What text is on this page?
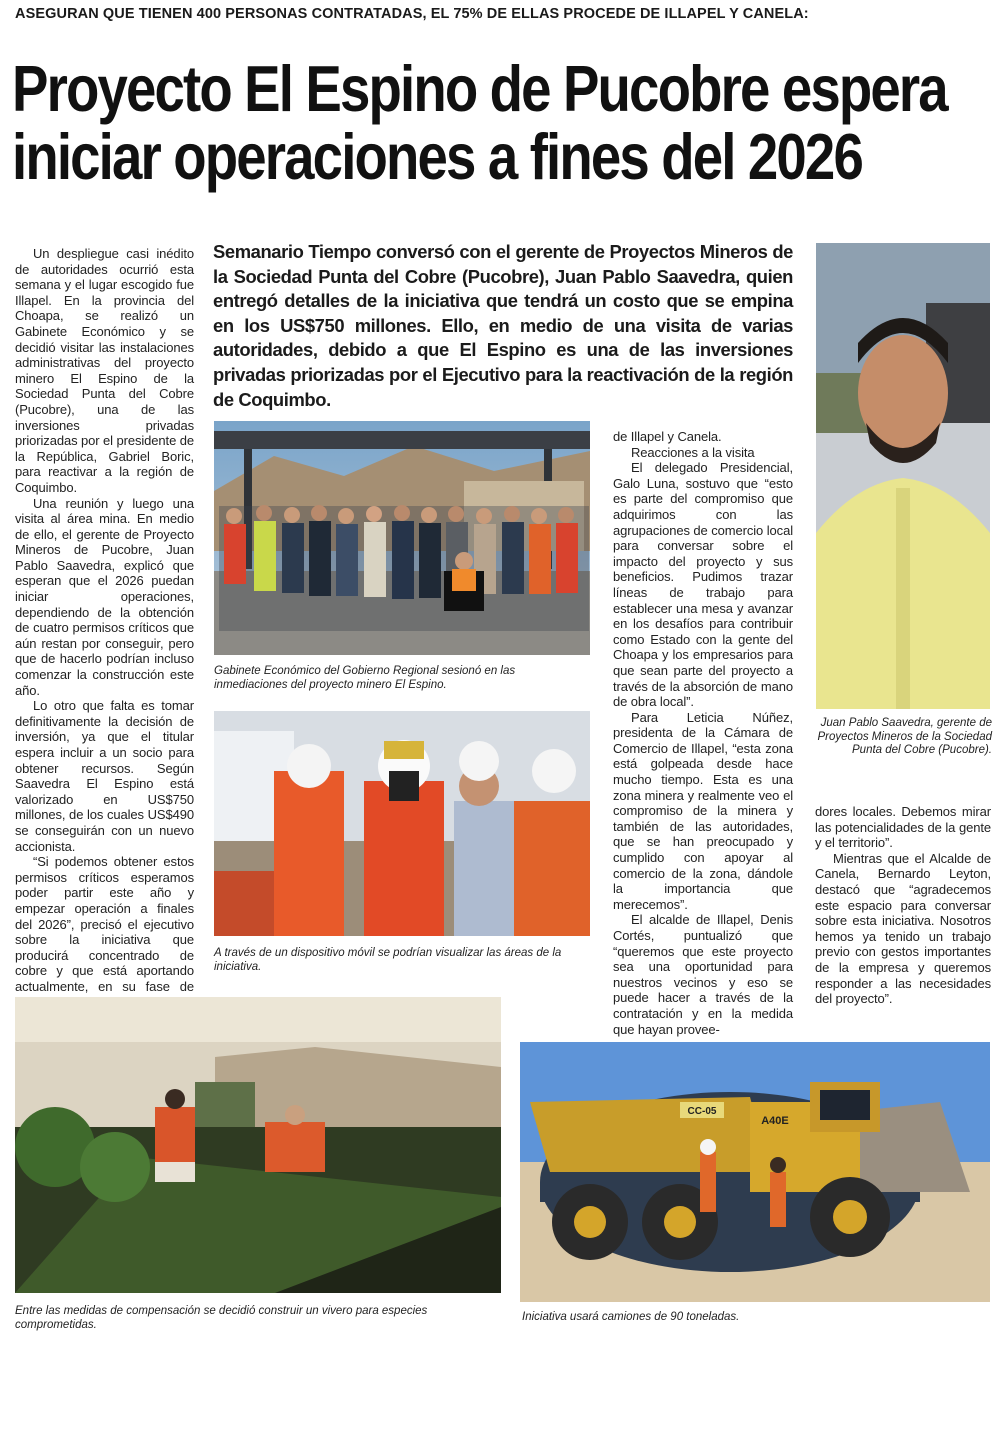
ASEGURAN QUE TIENEN 400 PERSONAS CONTRATADAS, EL 75% DE ELLAS PROCEDE DE ILLAPEL Y CANELA:
Proyecto El Espino de Pucobre espera
iniciar operaciones a fines del 2026
Semanario Tiempo conversó con el gerente de Proyectos Mineros de la Sociedad Punta del Cobre (Pucobre), Juan Pablo Saavedra, quien entregó detalles de la iniciativa que tendrá un costo que se empina en los US$750 millones. Ello, en medio de una visita de varias autoridades, debido a que El Espino es una de las inversiones privadas priorizadas por el Ejecutivo para la reactivación de la región de Coquimbo.

Un despliegue casi inédito de autoridades ocurrió esta semana y el lugar escogido fue Illapel. En la provincia del Choapa, se realizó un Gabinete Económico y se decidió visitar las instalaciones administrativas del proyecto minero El Espino de la Sociedad Punta del Cobre (Pucobre), una de las inversiones privadas priorizadas por el presidente de la República, Gabriel Boric, para reactivar a la región de Coquimbo.

Una reunión y luego una visita al área mina. En medio de ello, el gerente de Proyecto Mineros de Pucobre, Juan Pablo Saavedra, explicó que esperan que el 2026 puedan iniciar operaciones, dependiendo de la obtención de cuatro permisos críticos que aún restan por conseguir, pero que de hacerlo podrían incluso comenzar la construcción este año.

Lo otro que falta es tomar definitivamente la decisión de inversión, ya que el titular espera incluir a un socio para obtener recursos. Según Saavedra El Espino está valorizado en US$750 millones, de los cuales US$490 se conseguirán con un nuevo accionista.

“Si podemos obtener estos permisos críticos esperamos poder partir este año y empezar operación a finales del 2026”, precisó el ejecutivo sobre la iniciativa que producirá concentrado de cobre y que está aportando actualmente, en su fase de

Gabinete Económico del Gobierno Regional sesionó en las inmediaciones del proyecto minero El Espino.
A través de un dispositivo móvil se podrían visualizar las áreas de la iniciativa.

de Illapel y Canela.

Reacciones a la visita

El delegado Presidencial, Galo Luna, sostuvo que “esto es parte del compromiso que adquirimos con las agrupaciones de comercio local para conversar sobre el impacto del proyecto y sus beneficios. Pudimos trazar líneas de trabajo para establecer una mesa y avanzar en los desafíos para contribuir como Estado con la gente del Choapa y los empresarios para que sean parte del proyecto a través de la absorción de mano de obra local”.

Para Leticia Núñez, presidenta de la Cámara de Comercio de Illapel, “esta zona está golpeada desde hace mucho tiempo. Esta es una zona minera y realmente veo el compromiso de la minera y también de las autoridades, que se han preocupado y cumplido con apoyar al comercio de la zona, dándole la importancia que merecemos”.

El alcalde de Illapel, Denis Cortés, puntualizó que “queremos que este proyecto sea una oportunidad para nuestros vecinos y eso se puede hacer a través de la contratación y en la medida que hayan provee-

Juan Pablo Saavedra, gerente de Proyectos Mineros de la Sociedad Punta del Cobre (Pucobre).

dores locales. Debemos mirar las potencialidades de la gente y el territorio”.

Mientras que el Alcalde de Canela, Bernardo Leyton, destacó que “agradecemos este espacio para conversar sobre esta iniciativa. Nosotros hemos ya tenido un trabajo previo con gestos importantes de la empresa y queremos responder a las necesidades del proyecto”.

Entre las medidas de compensación se decidió construir un vivero para especies comprometidas.
CC-05
A40E
Iniciativa usará camiones de 90 toneladas.
